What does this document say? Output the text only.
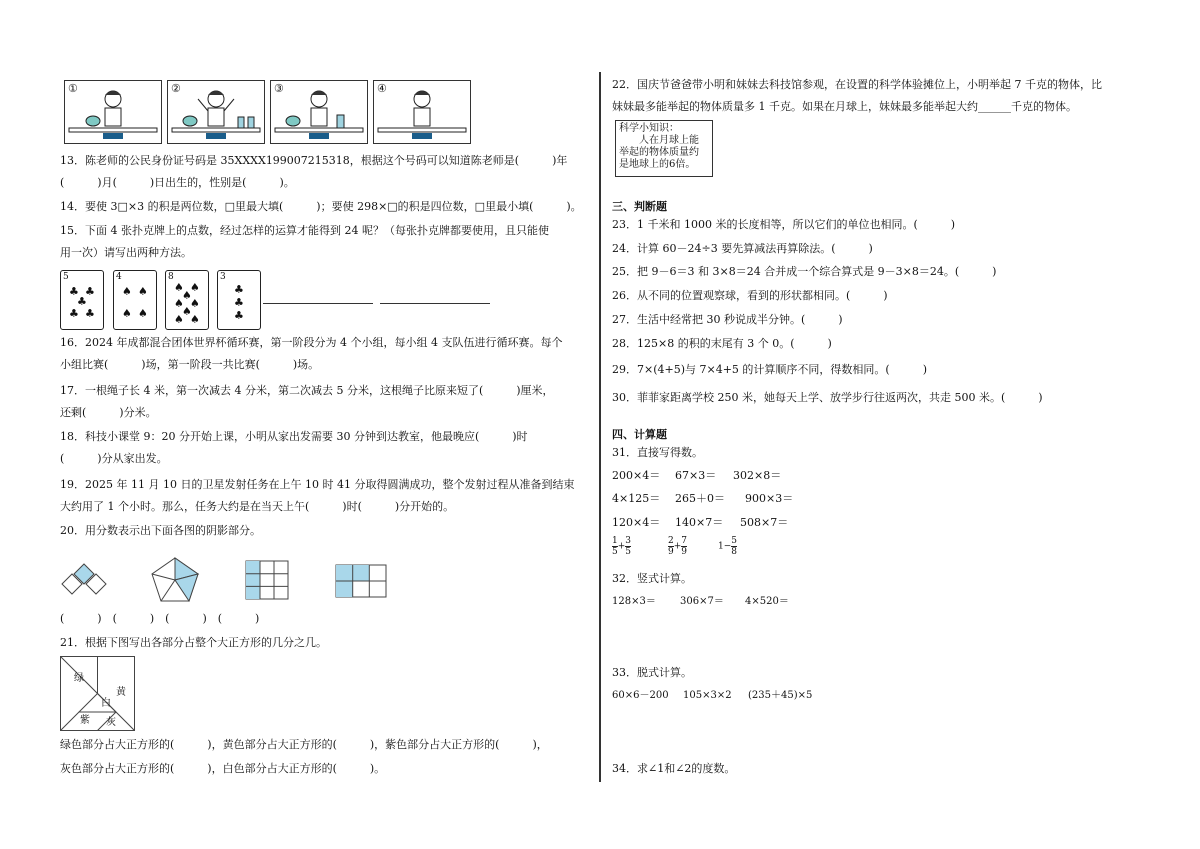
①	②	③	④
13．陈老师的公民身份证号码是 35XXXX199007215318，根据这个号码可以知道陈老师是(　　　)年
(　　　)月(　　　)日出生的，性别是(　　　)。
14．要使 3□×3 的积是两位数，□里最大填(　　　)；要使 298×□的积是四位数，□里最小填(　　　)。
15．下面 4 张扑克牌上的点数，经过怎样的运算才能得到 24 呢？（每张扑克牌都要使用，且只能使
用一次）请写出两种方法。
5
♣ ♣
♣
♣ ♣
4
♠ ♠
♠ ♠
8
♠ ♠
♠
♠ ♠
♠
♠ ♠
3
♣
♣
♣
16．2024 年成都混合团体世界杯循环赛，第一阶段分为 4 个小组，每小组 4 支队伍进行循环赛。每个
小组比赛(　　　)场，第一阶段一共比赛(　　　)场。
17．一根绳子长 4 米，第一次减去 4 分米，第二次减去 5 分米，这根绳子比原来短了(　　　)厘米，
还剩(　　　)分米。
18．科技小课堂 9：20 分开始上课，小明从家出发需要 30 分钟到达教室，他最晚应(　　　)时
(　　　)分从家出发。
19．2025 年 11 月 10 日的卫星发射任务在上午 10 时 41 分取得圆满成功，整个发射过程从准备到结束
大约用了 1 个小时。那么，任务大约是在当天上午(　　　)时(　　　)分开始的。
20．用分数表示出下面各图的阴影部分。
(　　　)　(　　　)　(　　　)　(　　　)
21．根据下图写出各部分占整个大正方形的几分之几。
绿
黄
白
紫 灰
绿色部分占大正方形的(　　　)，黄色部分占大正方形的(　　　)，紫色部分占大正方形的(　　　)，
灰色部分占大正方形的(　　　)，白色部分占大正方形的(　　　)。
22．国庆节爸爸带小明和妹妹去科技馆参观，在设置的科学体验摊位上，小明举起 7 千克的物体，比
妹妹最多能举起的物体质量多 1 千克。如果在月球上，妹妹最多能举起大约______千克的物体。
科学小知识：
　　人在月球上能
举起的物体质量约
是地球上的6倍。
三、判断题
23．1 千米和 1000 米的长度相等，所以它们的单位也相同。(　　　)
24．计算 60－24÷3 要先算减法再算除法。(　　　)
25．把 9－6＝3 和 3×8＝24 合并成一个综合算式是 9－3×8＝24。(　　　)
26．从不同的位置观察球，看到的形状都相同。(　　　)
27．生活中经常把 30 秒说成半分钟。(　　　)
28．125×8 的积的末尾有 3 个 0。(　　　)
29．7×(4+5)与 7×4+5 的计算顺序不同，得数相同。(　　　)
30．菲菲家距离学校 250 米，她每天上学、放学步行往返两次，共走 500 米。(　　　)
四、计算题
31．直接写得数。
200×4＝ 67×3＝ 302×8＝
4×125＝ 265＋0＝ 900×3＝
120×4＝ 140×7＝ 508×7＝
$\frac{1}{5} +\frac{3}{5}$	$\frac{2}{9} +\frac{7}{9}$	$1-\frac{5}{8}$
32．竖式计算。
128×3＝ 306×7＝ 4×520＝
33．脱式计算。
60×6－200 105×3×2 (235＋45)×5
34．求∠1和∠2的度数。
